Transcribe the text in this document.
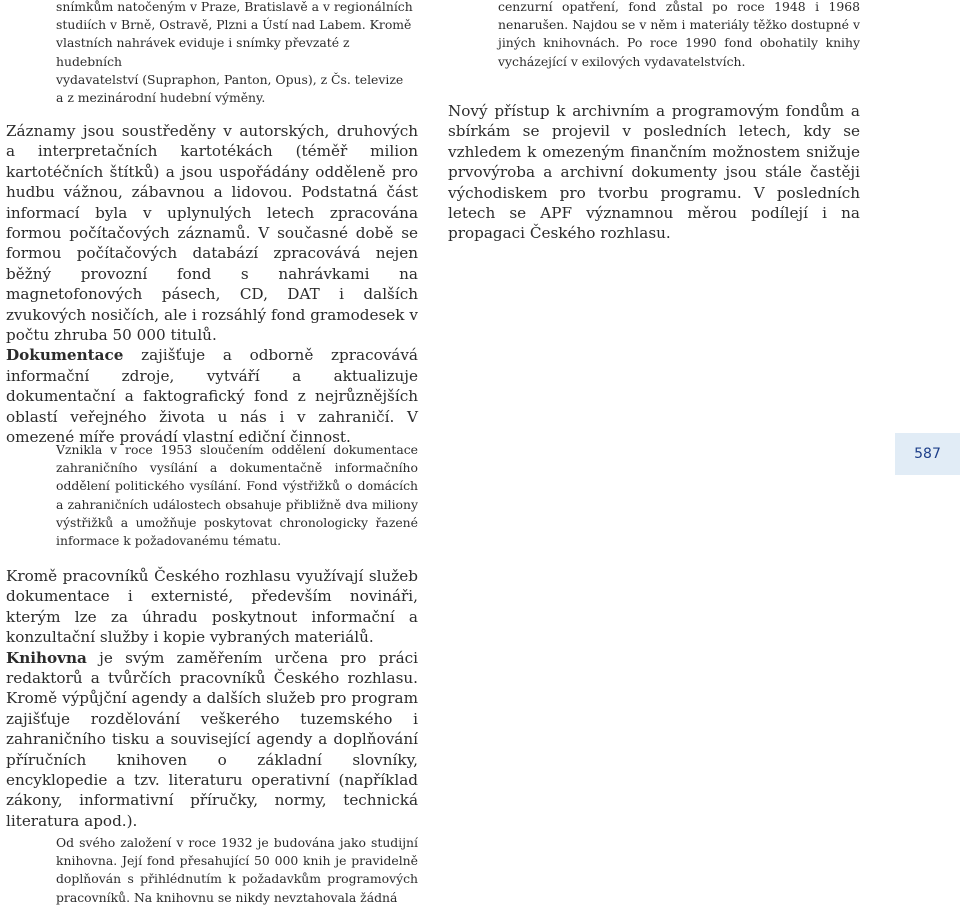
snímkům natočeným v Praze, Bratislavě a v regionálních
studiích v Brně, Ostravě, Plzni a Ústí nad Labem. Kromě
vlastních nahrávek eviduje i snímky převzaté z hudebních
vydavatelství (Supraphon, Panton, Opus), z Čs. televize
a z mezinárodní hudební výměny.

Záznamy jsou soustředěny v autorských, druhových a interpretačních kartotékách (téměř milion kartotéčních štítků) a jsou uspořádány odděleně pro hudbu vážnou, zábavnou a lidovou. Podstatná část informací byla v uplynulých letech zpracována formou počítačových záznamů. V současné době se formou počítačových databází zpracovává nejen běžný provozní fond s nahrávkami na magnetofonových pásech, CD, DAT i dalších zvukových nosičích, ale i rozsáhlý fond gramodesek v počtu zhruba 50 000 titulů.

Dokumentace zajišťuje a odborně zpracovává informační zdroje, vytváří a aktualizuje dokumentační a faktografický fond z nejrůznějších oblastí veřejného života u nás i v zahraničí. V omezené míře provádí vlastní ediční činnost.

Vznikla v roce 1953 sloučením oddělení dokumentace zahraničního vysílání a dokumentačně informačního oddělení politického vysílání. Fond výstřižků o domácích a zahraničních událostech obsahuje přibližně dva miliony výstřižků a umožňuje poskytovat chronologicky řazené informace k požadovanému tématu.

Kromě pracovníků Českého rozhlasu využívají služeb dokumentace i externisté, především novináři, kterým lze za úhradu poskytnout informační a konzultační služby i kopie vybraných materiálů.

Knihovna je svým zaměřením určena pro práci redaktorů a tvůrčích pracovníků Českého rozhlasu. Kromě výpůjční agendy a dalších služeb pro program zajišťuje rozdělování veškerého tuzemského i zahraničního tisku a související agendy a doplňování příručních knihoven o základní slovníky, encyklopedie a tzv. literaturu operativní (například zákony, informativní příručky, normy, technická literatura apod.).

Od svého založení v roce 1932 je budována jako studijní knihovna. Její fond přesahující 50 000 knih je pravidelně doplňován s přihlédnutím k požadavkům programových pracovníků. Na knihovnu se nikdy nevztahovala žádná

cenzurní opatření, fond zůstal po roce 1948 i 1968 nenarušen. Najdou se v něm i materiály těžko dostupné v jiných knihovnách. Po roce 1990 fond obohatily knihy vycházející v exilových vydavatelstvích.

Nový přístup k archivním a programovým fondům a sbírkám se projevil v posledních letech, kdy se vzhledem k omezeným finančním možnostem snižuje prvovýroba a archivní dokumenty jsou stále častěji východiskem pro tvorbu programu. V posledních letech se APF významnou měrou podílejí i na propagaci Českého rozhlasu.

587
